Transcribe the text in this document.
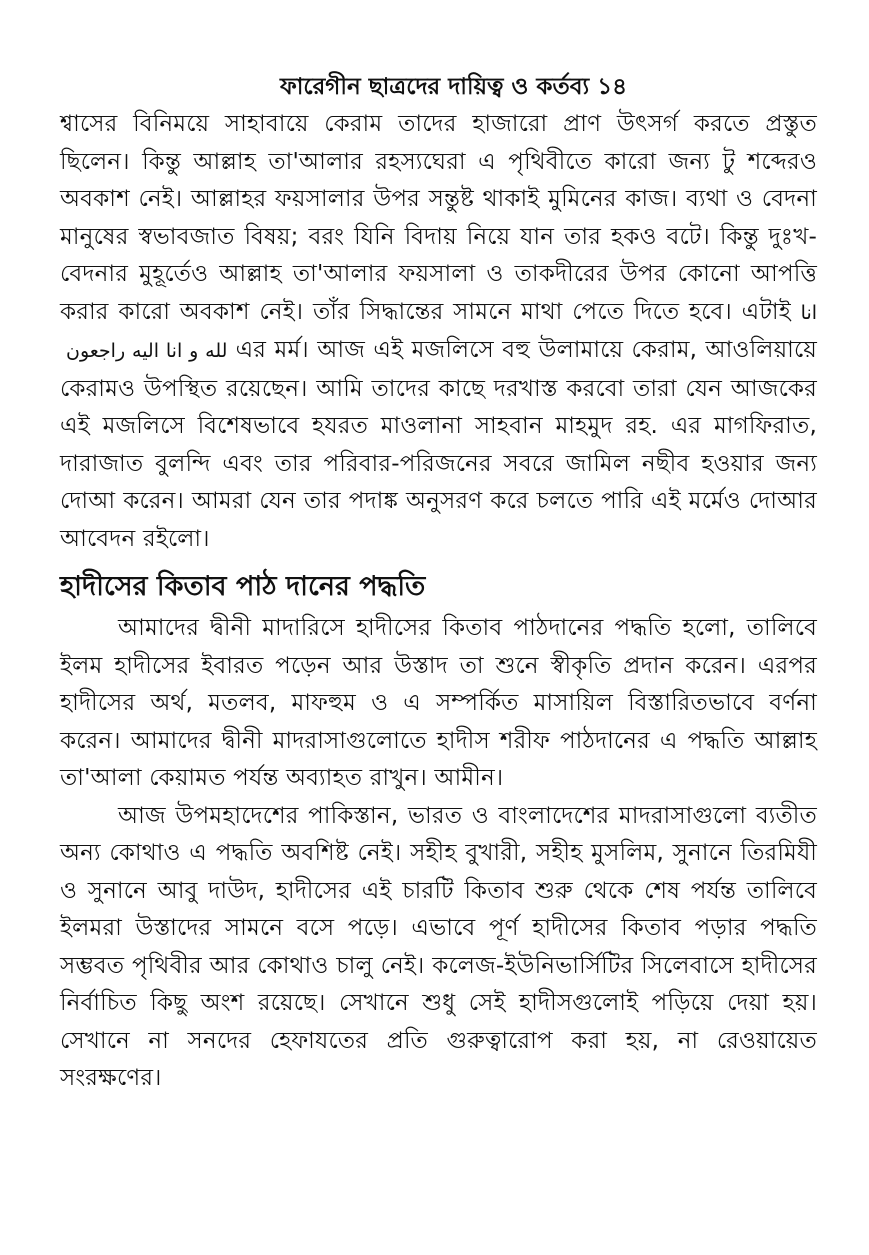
ফারেগীন ছাত্রদের দায়িত্ব ও কর্তব্য ১৪

শ্বাসের বিনিময়ে সাহাবায়ে কেরাম তাদের হাজারো প্রাণ উৎসর্গ করতে প্রস্তুত ছিলেন। কিন্তু আল্লাহ তা'আলার রহস্যঘেরা এ পৃথিবীতে কারো জন্য টু শব্দেরও অবকাশ নেই। আল্লাহর ফয়সালার উপর সন্তুষ্ট থাকাই মুমিনের কাজ। ব্যথা ও বেদনা মানুষের স্বভাবজাত বিষয়; বরং যিনি বিদায় নিয়ে যান তার হকও বটে। কিন্তু দুঃখ-বেদনার মুহূর্তেও আল্লাহ তা'আলার ফয়সালা ও তাকদীরের উপর কোনো আপত্তি করার কারো অবকাশ নেই। তাঁর সিদ্ধান্তের সামনে মাথা পেতে দিতে হবে। এটাই انا لله و انا اليه راجعون এর মর্ম। আজ এই মজলিসে বহু উলামায়ে কেরাম, আওলিয়ায়ে কেরামও উপস্থিত রয়েছেন। আমি তাদের কাছে দরখাস্ত করবো তারা যেন আজকের এই মজলিসে বিশেষভাবে হযরত মাওলানা সাহবান মাহমুদ রহ. এর মাগফিরাত, দারাজাত বুলন্দি এবং তার পরিবার-পরিজনের সবরে জামিল নছীব হওয়ার জন্য দোআ করেন। আমরা যেন তার পদাঙ্ক অনুসরণ করে চলতে পারি এই মর্মেও দোআর আবেদন রইলো।

হাদীসের কিতাব পাঠ দানের পদ্ধতি

আমাদের দ্বীনী মাদারিসে হাদীসের কিতাব পাঠদানের পদ্ধতি হলো, তালিবে ইলম হাদীসের ইবারত পড়েন আর উস্তাদ তা শুনে স্বীকৃতি প্রদান করেন। এরপর হাদীসের অর্থ, মতলব, মাফহুম ও এ সম্পর্কিত মাসায়িল বিস্তারিতভাবে বর্ণনা করেন। আমাদের দ্বীনী মাদরাসাগুলোতে হাদীস শরীফ পাঠদানের এ পদ্ধতি আল্লাহ তা'আলা কেয়ামত পর্যন্ত অব্যাহত রাখুন। আমীন।

আজ উপমহাদেশের পাকিস্তান, ভারত ও বাংলাদেশের মাদরাসাগুলো ব্যতীত অন্য কোথাও এ পদ্ধতি অবশিষ্ট নেই। সহীহ বুখারী, সহীহ মুসলিম, সুনানে তিরমিযী ও সুনানে আবু দাউদ, হাদীসের এই চারটি কিতাব শুরু থেকে শেষ পর্যন্ত তালিবে ইলমরা উস্তাদের সামনে বসে পড়ে। এভাবে পূর্ণ হাদীসের কিতাব পড়ার পদ্ধতি সম্ভবত পৃথিবীর আর কোথাও চালু নেই। কলেজ-ইউনিভার্সিটির সিলেবাসে হাদীসের নির্বাচিত কিছু অংশ রয়েছে। সেখানে শুধু সেই হাদীসগুলোই পড়িয়ে দেয়া হয়। সেখানে না সনদের হেফাযতের প্রতি গুরুত্বারোপ করা হয়, না রেওয়ায়েত সংরক্ষণের।
